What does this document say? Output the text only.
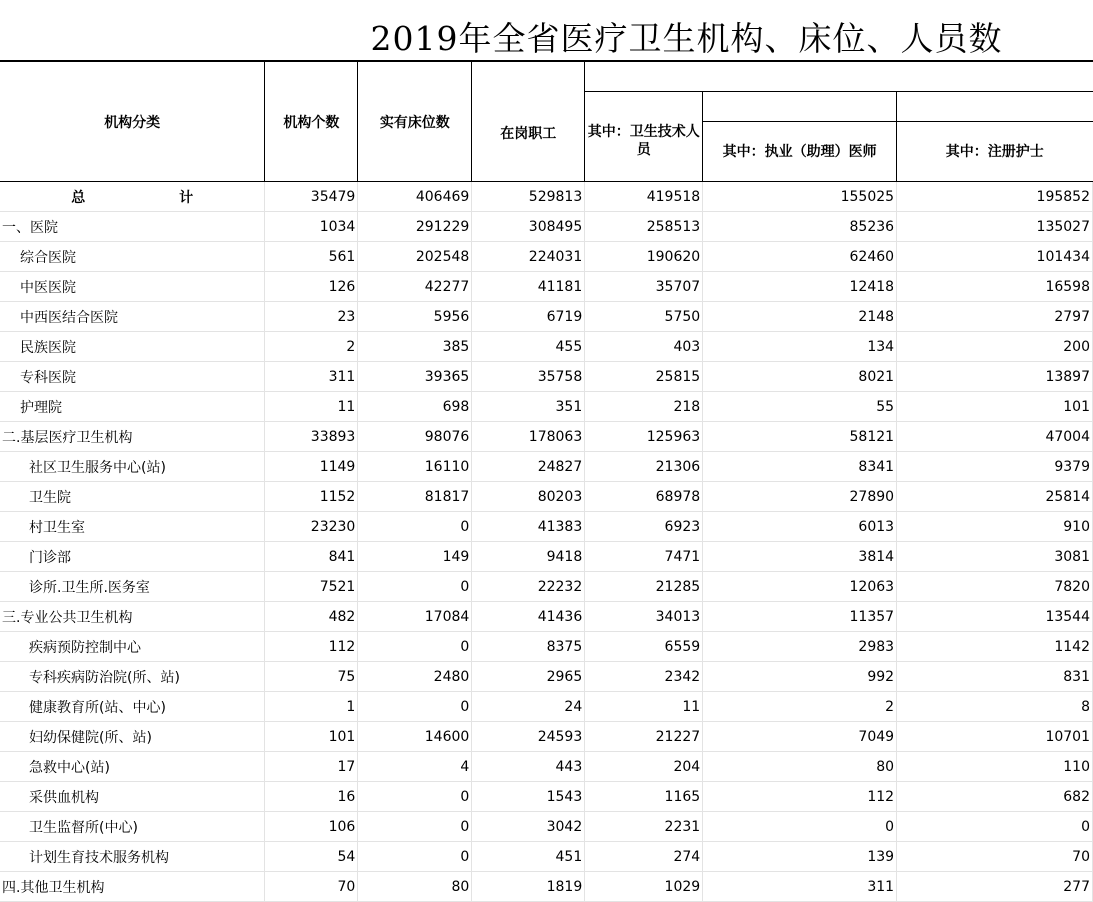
2019年全省医疗卫生机构、床位、人员数
机构分类	机构个数	实有床位数	在岗职工			
				其中：卫生技术人员		
					其中：执业（助理）医师	其中：注册护士

总　计	35479	406469	529813	419518	155025	195852
一、医院	1034	291229	308495	258513	85236	135027
综合医院	561	202548	224031	190620	62460	101434
中医医院	126	42277	41181	35707	12418	16598
中西医结合医院	23	5956	6719	5750	2148	2797
民族医院	2	385	455	403	134	200
专科医院	311	39365	35758	25815	8021	13897
护理院	11	698	351	218	55	101
二.基层医疗卫生机构	33893	98076	178063	125963	58121	47004
社区卫生服务中心(站)	1149	16110	24827	21306	8341	9379
卫生院	1152	81817	80203	68978	27890	25814
村卫生室	23230	0	41383	6923	6013	910
门诊部	841	149	9418	7471	3814	3081
诊所.卫生所.医务室	7521	0	22232	21285	12063	7820
三.专业公共卫生机构	482	17084	41436	34013	11357	13544
疾病预防控制中心	112	0	8375	6559	2983	1142
专科疾病防治院(所、站)	75	2480	2965	2342	992	831
健康教育所(站、中心)	1	0	24	11	2	8
妇幼保健院(所、站)	101	14600	24593	21227	7049	10701
急救中心(站)	17	4	443	204	80	110
采供血机构	16	0	1543	1165	112	682
卫生监督所(中心)	106	0	3042	2231	0	0
计划生育技术服务机构	54	0	451	274	139	70
四.其他卫生机构	70	80	1819	1029	311	277
